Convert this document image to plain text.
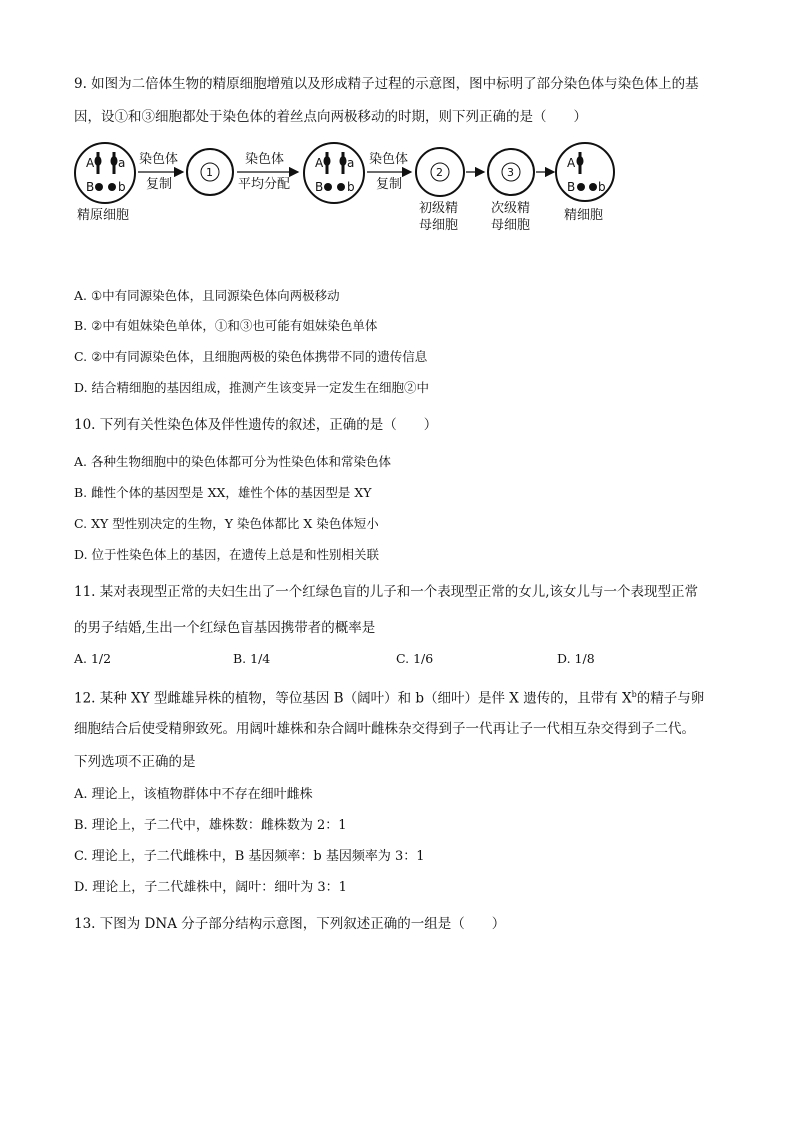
9. 如图为二倍体生物的精原细胞增殖以及形成精子过程的示意图，图中标明了部分染色体与染色体上的基
因，设①和③细胞都处于染色体的着丝点向两极移动的时期，则下列正确的是（　　）
A a
B b
染色体
复制
1
染色体
平均分配
A a
B b
染色体
复制
2
初级精
母细胞
3
次级精
母细胞
A
B b
精原细胞	精细胞
A. ①中有同源染色体，且同源染色体向两极移动
B. ②中有姐妹染色单体，①和③也可能有姐妹染色单体
C. ②中有同源染色体，且细胞两极的染色体携带不同的遗传信息
D. 结合精细胞的基因组成，推测产生该变异一定发生在细胞②中
10. 下列有关性染色体及伴性遗传的叙述，正确的是（　　）
A. 各种生物细胞中的染色体都可分为性染色体和常染色体
B. 雌性个体的基因型是 XX，雄性个体的基因型是 XY
C. XY 型性别决定的生物，Y 染色体都比 X 染色体短小
D. 位于性染色体上的基因，在遗传上总是和性别相关联
11. 某对表现型正常的夫妇生出了一个红绿色盲的儿子和一个表现型正常的女儿,该女儿与一个表现型正常
的男子结婚,生出一个红绿色盲基因携带者的概率是
A. 1/2	B. 1/4	C. 1/6	D. 1/8
12. 某种 XY 型雌雄异株的植物，等位基因 B（阔叶）和 b（细叶）是伴 X 遗传的，且带有 $X^b$的精子与卵
细胞结合后使受精卵致死。用阔叶雄株和杂合阔叶雌株杂交得到子一代再让子一代相互杂交得到子二代。
下列选项不正确的是
A. 理论上，该植物群体中不存在细叶雌株
B. 理论上，子二代中，雄株数：雌株数为 2：1
C. 理论上，子二代雌株中，B 基因频率：b 基因频率为 3：1
D. 理论上，子二代雄株中，阔叶：细叶为 3：1
13. 下图为 DNA 分子部分结构示意图，下列叙述正确的一组是（　　）
